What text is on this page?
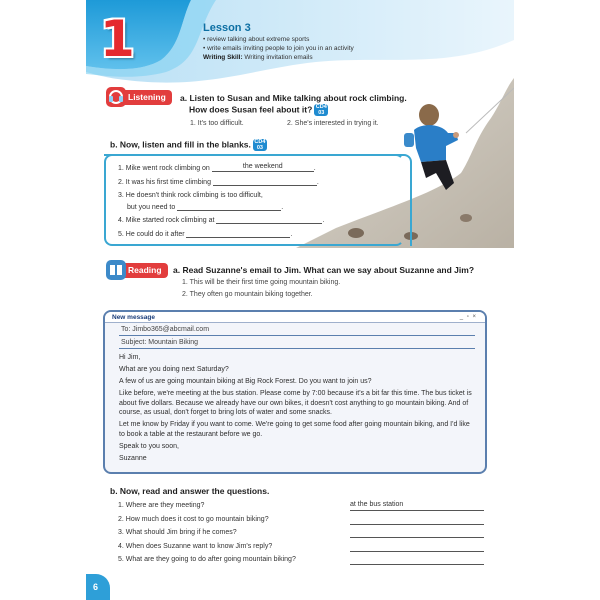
1	Lesson 3
• review talking about extreme sports
• write emails inviting people to join you in an activity
Writing Skill: Writing invitation emails
Listening	a. Listen to Susan and Mike talking about rock climbing.
How does Susan feel about it? CD4
03
1. It's too difficult.	2. She's interested in trying it.
b. Now, listen and fill in the blanks. CD4
03
1. Mike went rock climbing on	the weekend	.
2. It was his first time climbing	.
3. He doesn't think rock climbing is too difficult,
but you need to	.
4. Mike started rock climbing at	.
5. He could do it after	.
Reading	a. Read Suzanne's email to Jim. What can we say about Suzanne and Jim?
1. This will be their first time going mountain biking.
2. They often go mountain biking together.
New message	_ ▫ ×
To: Jimbo365@abcmail.com
Subject: Mountain Biking

Hi Jim,

What are you doing next Saturday?

A few of us are going mountain biking at Big Rock Forest. Do you want to join us?

Like before, we're meeting at the bus station. Please come by 7:00 because it's a bit far this time. The bus ticket is about five dollars. Because we already have our own bikes, it doesn't cost anything to go mountain biking. And of course, as usual, don't forget to bring lots of water and some snacks.

Let me know by Friday if you want to come. We're going to get some food after going mountain biking, and I'd like to book a table at the restaurant before we go.

Speak to you soon,

Suzanne

b. Now, read and answer the questions.
1. Where are they meeting?	at the bus station
2. How much does it cost to go mountain biking?
3. What should Jim bring if he comes?
4. When does Suzanne want to know Jim's reply?
5. What are they going to do after going mountain biking?
6
